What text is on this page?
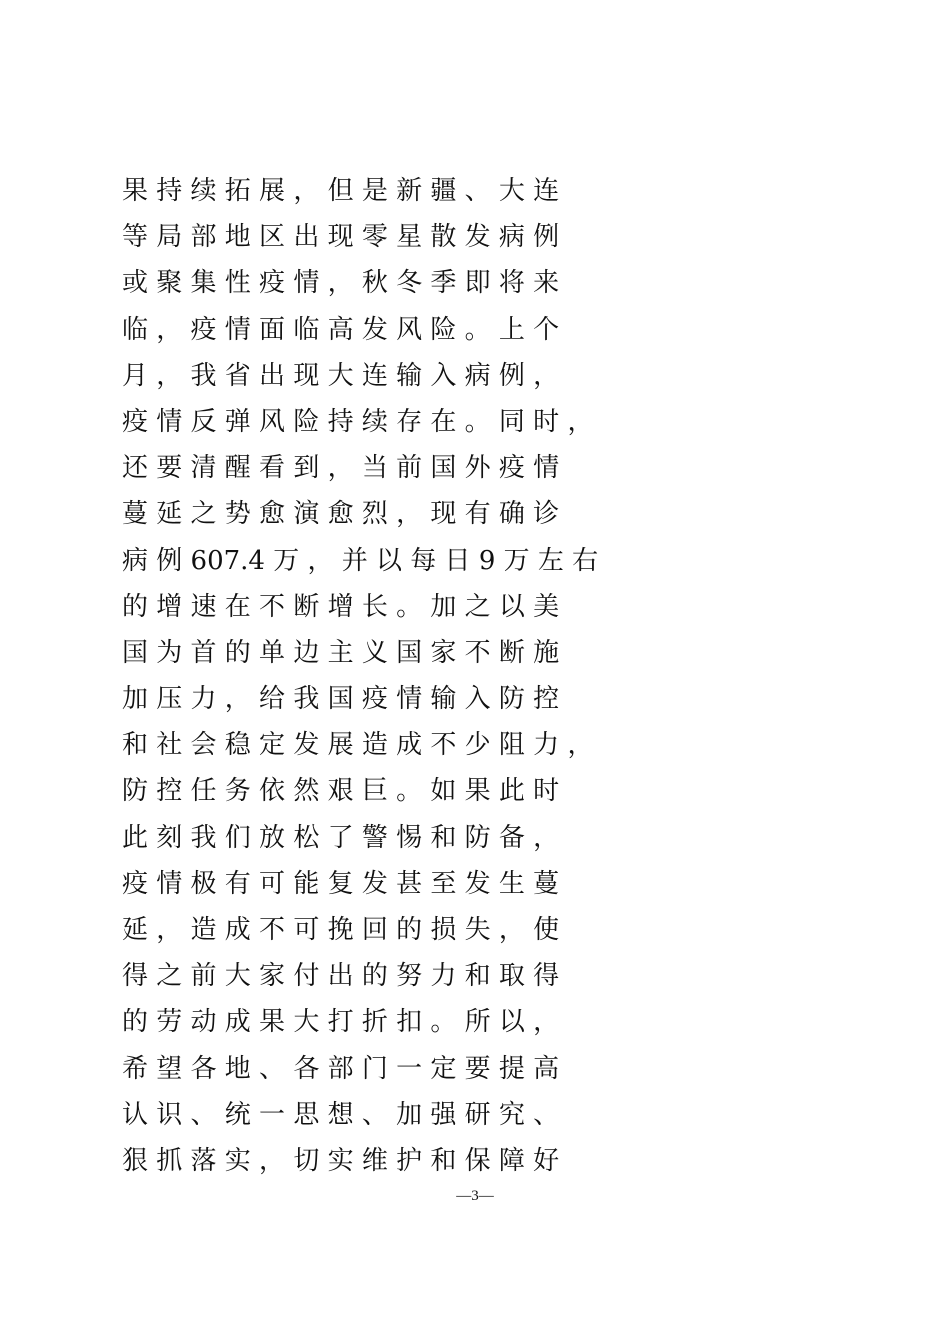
果 持 续 拓 展 ， 但 是 新 疆 、 大 连
等 局 部 地 区 出 现 零 星 散 发 病 例
或 聚 集 性 疫 情 ， 秋 冬 季 即 将 来
临 ， 疫 情 面 临 高 发 风 险 。 上 个
月 ， 我 省 出 现 大 连 输 入 病 例 ，
疫 情 反 弹 风 险 持 续 存 在 。 同 时 ，
还 要 清 醒 看 到 ， 当 前 国 外 疫 情
蔓 延 之 势 愈 演 愈 烈 ， 现 有 确 诊
病 例 607.4 万 ， 并 以 每 日 9 万 左 右
的 增 速 在 不 断 增 长 。 加 之 以 美
国 为 首 的 单 边 主 义 国 家 不 断 施
加 压 力 ， 给 我 国 疫 情 输 入 防 控
和 社 会 稳 定 发 展 造 成 不 少 阻 力 ，
防 控 任 务 依 然 艰 巨 。 如 果 此 时
此 刻 我 们 放 松 了 警 惕 和 防 备 ，
疫 情 极 有 可 能 复 发 甚 至 发 生 蔓
延 ， 造 成 不 可 挽 回 的 损 失 ， 使
得 之 前 大 家 付 出 的 努 力 和 取 得
的 劳 动 成 果 大 打 折 扣 。 所 以 ，
希 望 各 地 、 各 部 门 一 定 要 提 高
认 识 、 统 一 思 想 、 加 强 研 究 、
狠 抓 落 实 ， 切 实 维 护 和 保 障 好
—3—
